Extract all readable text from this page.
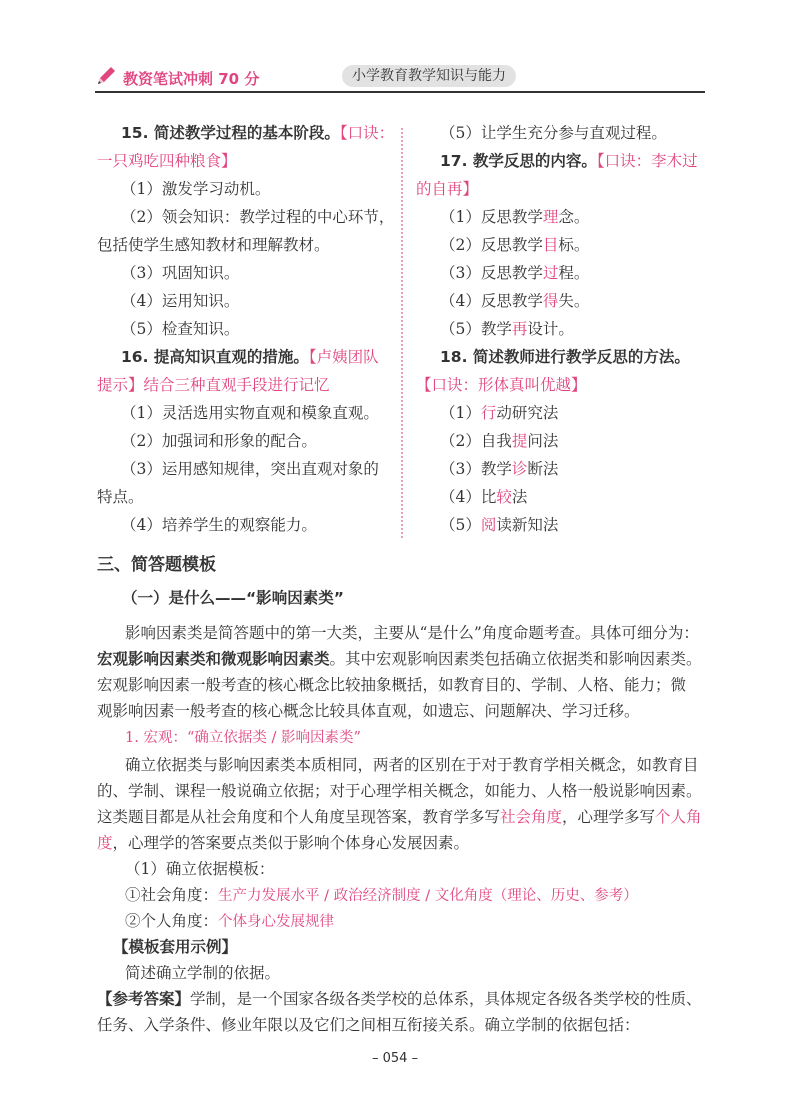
教资笔试冲刺 70 分	小学教育教学知识与能力
15. 简述教学过程的基本阶段。【口诀：
一只鸡吃四种粮食】
（1）激发学习动机。
（2）领会知识：教学过程的中心环节，
包括使学生感知教材和理解教材。
（3）巩固知识。
（4）运用知识。
（5）检查知识。
16. 提高知识直观的措施。【卢姨团队
提示】结合三种直观手段进行记忆
（1）灵活选用实物直观和模象直观。
（2）加强词和形象的配合。
（3）运用感知规律，突出直观对象的
特点。
（4）培养学生的观察能力。
（5）让学生充分参与直观过程。
17. 教学反思的内容。【口诀：李木过
的自再】
（1）反思教学理念。
（2）反思教学目标。
（3）反思教学过程。
（4）反思教学得失。
（5）教学再设计。
18. 简述教师进行教学反思的方法。
【口诀：形体真叫优越】
（1）行动研究法
（2）自我提问法
（3）教学诊断法
（4）比较法
（5）阅读新知法
三、简答题模板
（一）是什么——“影响因素类”
影响因素类是简答题中的第一大类，主要从“是什么”角度命题考查。具体可细分为：
宏观影响因素类和微观影响因素类。其中宏观影响因素类包括确立依据类和影响因素类。
宏观影响因素一般考查的核心概念比较抽象概括，如教育目的、学制、人格、能力；微
观影响因素一般考查的核心概念比较具体直观，如遗忘、问题解决、学习迁移。
1. 宏观：“确立依据类 / 影响因素类”
确立依据类与影响因素类本质相同，两者的区别在于对于教育学相关概念，如教育目
的、学制、课程一般说确立依据；对于心理学相关概念，如能力、人格一般说影响因素。
这类题目都是从社会角度和个人角度呈现答案，教育学多写社会角度，心理学多写个人角
度，心理学的答案要点类似于影响个体身心发展因素。
（1）确立依据模板：
①社会角度：生产力发展水平 / 政治经济制度 / 文化角度（理论、历史、参考）
②个人角度：个体身心发展规律
【模板套用示例】
简述确立学制的依据。
【参考答案】学制，是一个国家各级各类学校的总体系，具体规定各级各类学校的性质、
任务、入学条件、修业年限以及它们之间相互衔接关系。确立学制的依据包括：
– 054 –
